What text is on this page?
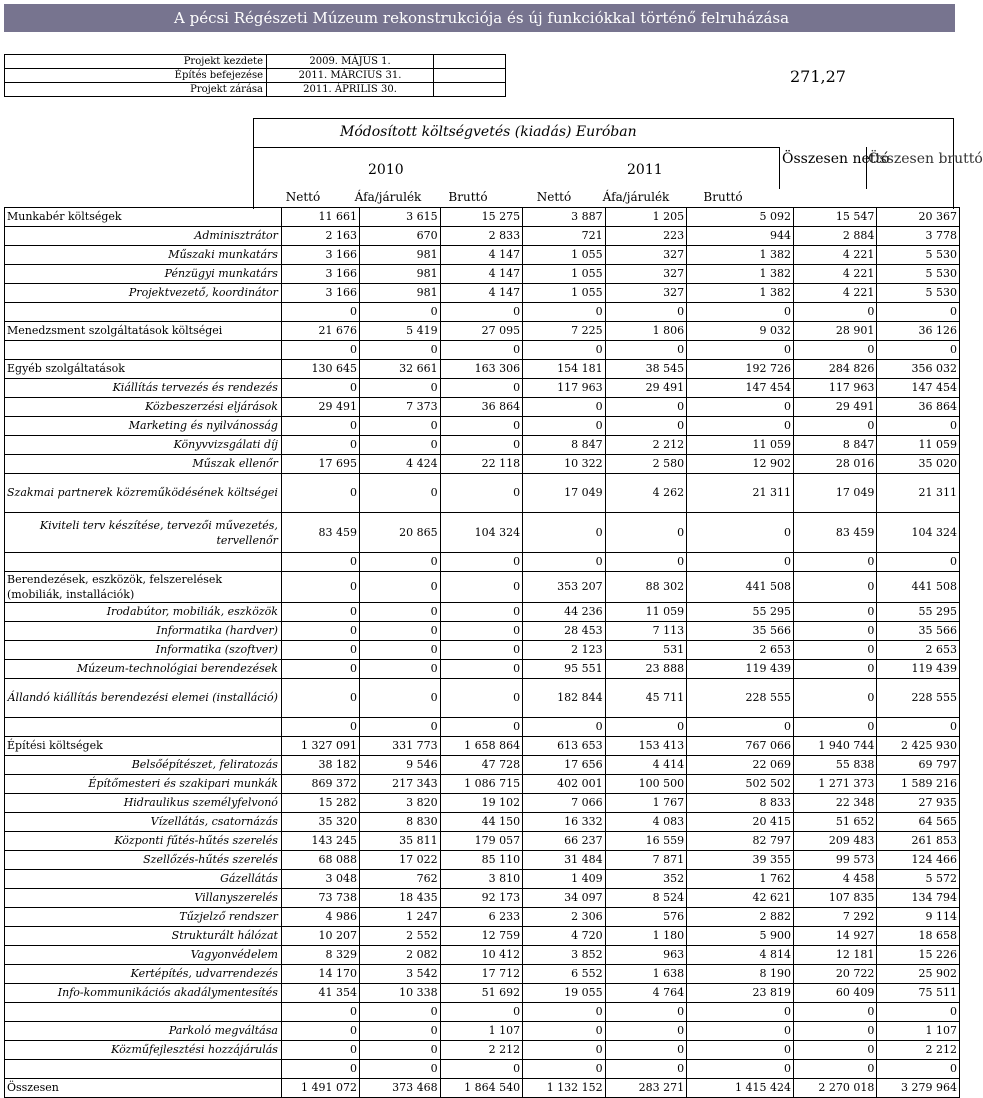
A pécsi Régészeti Múzeum rekonstrukciója és új funkciókkal történő felruházása
Projekt kezdete	2009. MÁJUS 1.	
Építés befejezése	2011. MÁRCIUS 31.	
Projekt zárása	2011. ÁPRILIS 30.	
271,27
Módosított költségvetés (kiadás) Euróban
2010	2011
Összesen nettó
Összesen bruttó
Nettó	Áfa/járulék	Bruttó	Nettó	Áfa/járulék	Bruttó
Munkabér költségek	11 661	3 615	15 275	3 887	1 205	5 092	15 547	20 367
Adminisztrátor	2 163	670	2 833	721	223	944	2 884	3 778
Műszaki munkatárs	3 166	981	4 147	1 055	327	1 382	4 221	5 530
Pénzügyi munkatárs	3 166	981	4 147	1 055	327	1 382	4 221	5 530
Projektvezető, koordinátor	3 166	981	4 147	1 055	327	1 382	4 221	5 530
	0	0	0	0	0	0	0	0
Menedzsment szolgáltatások költségei	21 676	5 419	27 095	7 225	1 806	9 032	28 901	36 126
	0	0	0	0	0	0	0	0
Egyéb szolgáltatások	130 645	32 661	163 306	154 181	38 545	192 726	284 826	356 032
Kiállítás tervezés és rendezés	0	0	0	117 963	29 491	147 454	117 963	147 454
Közbeszerzési eljárások	29 491	7 373	36 864	0	0	0	29 491	36 864
Marketing és nyilvánosság	0	0	0	0	0	0	0	0
Könyvvizsgálati díj	0	0	0	8 847	2 212	11 059	8 847	11 059
Műszak ellenőr	17 695	4 424	22 118	10 322	2 580	12 902	28 016	35 020
Szakmai partnerek közreműködésének költségei	0	0	0	17 049	4 262	21 311	17 049	21 311
Kiviteli terv készítése, tervezői művezetés, tervellenőr	83 459	20 865	104 324	0	0	0	83 459	104 324
	0	0	0	0	0	0	0	0
Berendezések, eszközök, felszerelések (mobiliák, installációk)	0	0	0	353 207	88 302	441 508	0	441 508
Irodabútor, mobiliák, eszközök	0	0	0	44 236	11 059	55 295	0	55 295
Informatika (hardver)	0	0	0	28 453	7 113	35 566	0	35 566
Informatika (szoftver)	0	0	0	2 123	531	2 653	0	2 653
Múzeum-technológiai berendezések	0	0	0	95 551	23 888	119 439	0	119 439
Állandó kiállítás berendezési elemei (installáció)	0	0	0	182 844	45 711	228 555	0	228 555
	0	0	0	0	0	0	0	0
Építési költségek	1 327 091	331 773	1 658 864	613 653	153 413	767 066	1 940 744	2 425 930
Belsőépítészet, feliratozás	38 182	9 546	47 728	17 656	4 414	22 069	55 838	69 797
Építőmesteri és szakipari munkák	869 372	217 343	1 086 715	402 001	100 500	502 502	1 271 373	1 589 216
Hidraulikus személyfelvonó	15 282	3 820	19 102	7 066	1 767	8 833	22 348	27 935
Vízellátás, csatornázás	35 320	8 830	44 150	16 332	4 083	20 415	51 652	64 565
Központi fűtés-hűtés szerelés	143 245	35 811	179 057	66 237	16 559	82 797	209 483	261 853
Szellőzés-hűtés szerelés	68 088	17 022	85 110	31 484	7 871	39 355	99 573	124 466
Gázellátás	3 048	762	3 810	1 409	352	1 762	4 458	5 572
Villanyszerelés	73 738	18 435	92 173	34 097	8 524	42 621	107 835	134 794
Tűzjelző rendszer	4 986	1 247	6 233	2 306	576	2 882	7 292	9 114
Strukturált hálózat	10 207	2 552	12 759	4 720	1 180	5 900	14 927	18 658
Vagyonvédelem	8 329	2 082	10 412	3 852	963	4 814	12 181	15 226
Kertépítés, udvarrendezés	14 170	3 542	17 712	6 552	1 638	8 190	20 722	25 902
Info-kommunikációs akadálymentesítés	41 354	10 338	51 692	19 055	4 764	23 819	60 409	75 511
	0	0	0	0	0	0	0	0
Parkoló megváltása	0	0	1 107	0	0	0	0	1 107
Közműfejlesztési hozzájárulás	0	0	2 212	0	0	0	0	2 212
	0	0	0	0	0	0	0	0
Összesen	1 491 072	373 468	1 864 540	1 132 152	283 271	1 415 424	2 270 018	3 279 964
